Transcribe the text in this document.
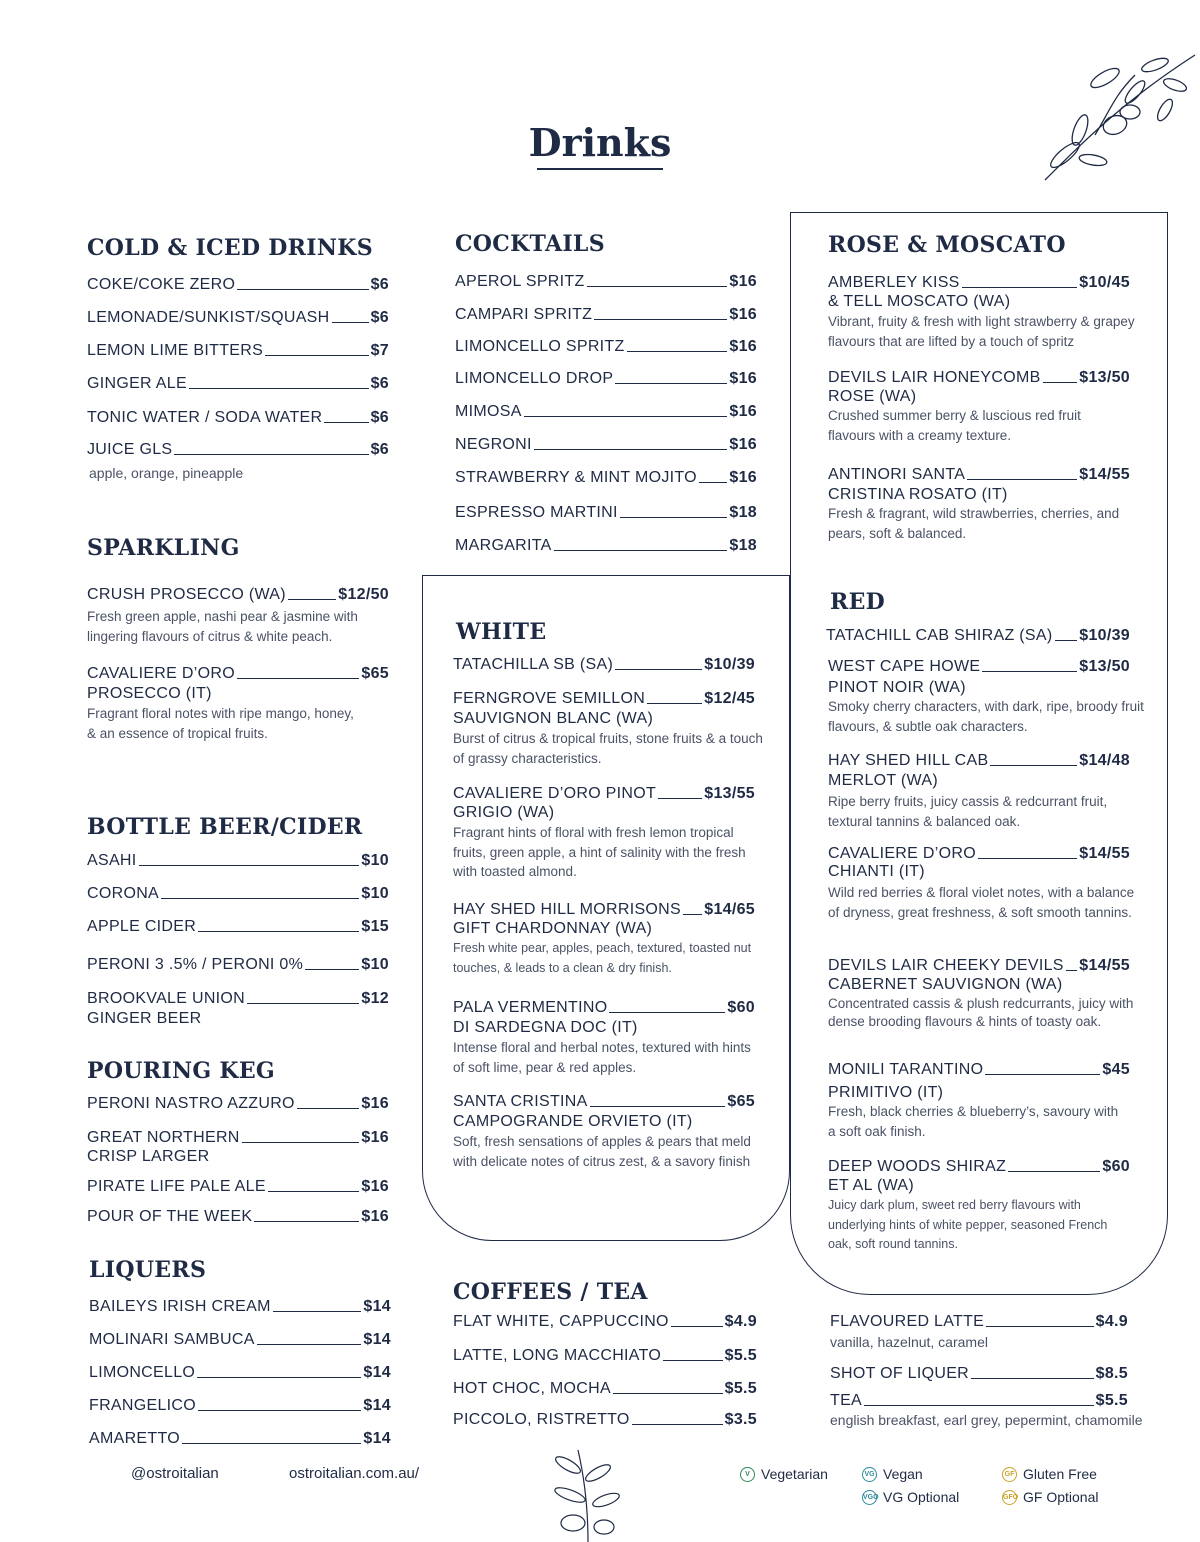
Drinks
COLD & ICED DRINKS
COKE/COKE ZERO	$6
LEMONADE/SUNKIST/SQUASH	$6
LEMON LIME BITTERS	$7
GINGER ALE	$6
TONIC WATER / SODA WATER	$6
JUICE GLS	$6
apple, orange, pineapple
SPARKLING
CRUSH PROSECCO (WA)	$12/50
Fresh green apple, nashi pear & jasmine with lingering flavours of citrus & white peach.
CAVALIERE D’ORO	$65
PROSECCO (IT)
Fragrant floral notes with ripe mango, honey, & an essence of tropical fruits.
BOTTLE BEER/CIDER
ASAHI	$10
CORONA	$10
APPLE CIDER	$15
PERONI 3 .5% / PERONI 0%	$10
BROOKVALE UNION	$12
GINGER BEER
POURING KEG
PERONI NASTRO AZZURO	$16
GREAT NORTHERN	$16
CRISP LARGER
PIRATE LIFE PALE ALE	$16
POUR OF THE WEEK	$16
LIQUERS
BAILEYS IRISH CREAM	$14
MOLINARI SAMBUCA	$14
LIMONCELLO	$14
FRANGELICO	$14
AMARETTO	$14
COCKTAILS
APEROL SPRITZ	$16
CAMPARI SPRITZ	$16
LIMONCELLO SPRITZ	$16
LIMONCELLO DROP	$16
MIMOSA	$16
NEGRONI	$16
STRAWBERRY & MINT MOJITO $16
ESPRESSO MARTINI	$18
MARGARITA	$18
WHITE
TATACHILLA SB (SA)	$10/39
FERNGROVE SEMILLON	$12/45
SAUVIGNON BLANC (WA)
Burst of citrus & tropical fruits, stone fruits & a touch of grassy characteristics.
CAVALIERE D’ORO PINOT	$13/55
GRIGIO (WA)
Fragrant hints of floral with fresh lemon tropical fruits, green apple, a hint of salinity with the fresh with toasted almond.
HAY SHED HILL MORRISONS $14/65
GIFT CHARDONNAY (WA)
Fresh white pear, apples, peach, textured, toasted nut touches, & leads to a clean & dry finish.
PALA VERMENTINO	$60
DI SARDEGNA DOC (IT)
Intense floral and herbal notes, textured with hints of soft lime, pear & red apples.
SANTA CRISTINA	$65
CAMPOGRANDE ORVIETO (IT)
Soft, fresh sensations of apples & pears that meld with delicate notes of citrus zest, & a savory finish
COFFEES / TEA
FLAT WHITE, CAPPUCCINO	$4.9
LATTE, LONG MACCHIATO	$5.5
HOT CHOC, MOCHA	$5.5
PICCOLO, RISTRETTO	$3.5
ROSE & MOSCATO
AMBERLEY KISS	$10/45
& TELL MOSCATO (WA)
Vibrant, fruity & fresh with light strawberry & grapey flavours that are lifted by a touch of spritz
DEVILS LAIR HONEYCOMB $13/50
ROSE (WA)
Crushed summer berry & luscious red fruit flavours with a creamy texture.
ANTINORI SANTA	$14/55
CRISTINA ROSATO (IT)
Fresh & fragrant, wild strawberries, cherries, and pears, soft & balanced.
RED
TATACHILL CAB SHIRAZ (SA) $10/39
WEST CAPE HOWE	$13/50
PINOT NOIR (WA)
Smoky cherry characters, with dark, ripe, broody fruit flavours, & subtle oak characters.
HAY SHED HILL CAB	$14/48
MERLOT (WA)
Ripe berry fruits, juicy cassis & redcurrant fruit, textural tannins & balanced oak.
CAVALIERE D’ORO	$14/55
CHIANTI (IT)
Wild red berries & floral violet notes, with a balance of dryness, great freshness, & soft smooth tannins.
DEVILS LAIR CHEEKY DEVILS $14/55
CABERNET SAUVIGNON (WA)
Concentrated cassis & plush redcurrants, juicy with dense brooding flavours & hints of toasty oak.
MONILI TARANTINO	$45
PRIMITIVO (IT)
Fresh, black cherries & blueberry’s, savoury with a soft oak finish.
DEEP WOODS SHIRAZ	$60
ET AL (WA)
Juicy dark plum, sweet red berry flavours with underlying hints of white pepper, seasoned French oak, soft round tannins.
FLAVOURED LATTE	$4.9
vanilla, hazelnut, caramel
SHOT OF LIQUER	$8.5
TEA	$5.5
english breakfast, earl grey, pepermint, chamomile
@ostroitalian	ostroitalian.com.au/	V Vegetarian	VG Vegan	GF Gluten Free
VGO VG Optional	GFO GF Optional
